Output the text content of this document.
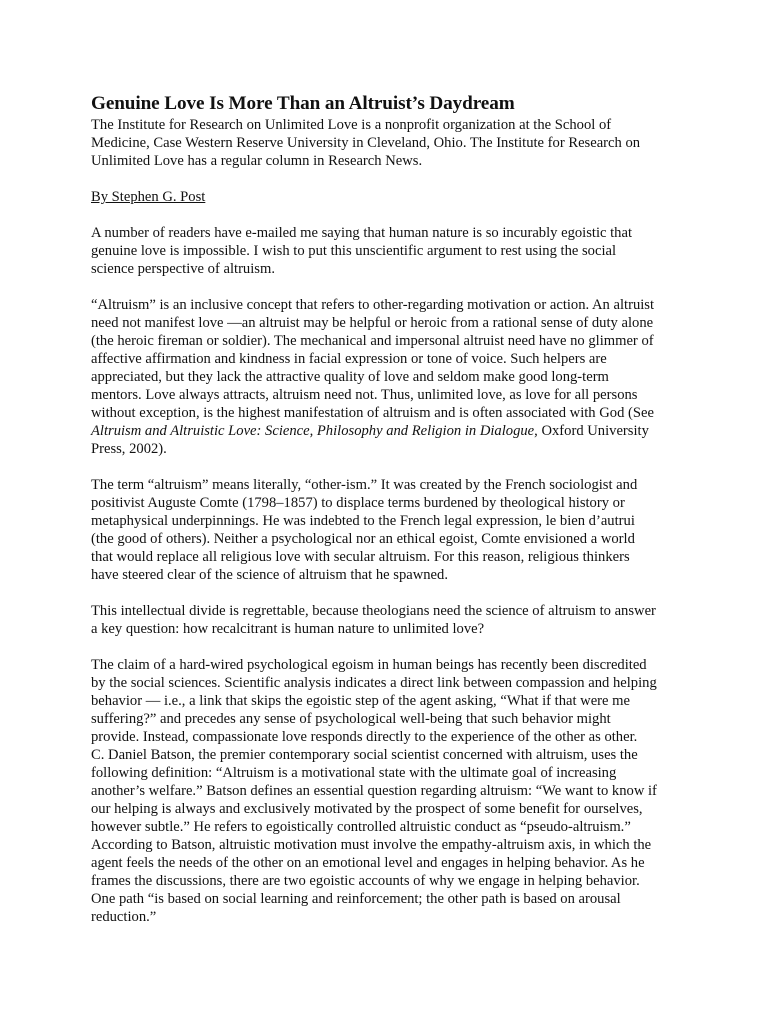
Genuine Love Is More Than an Altruist’s Daydream
The Institute for Research on Unlimited Love is a nonprofit organization at the School of
Medicine, Case Western Reserve University in Cleveland, Ohio. The Institute for Research on
Unlimited Love has a regular column in Research News.
By Stephen G. Post

A number of readers have e-mailed me saying that human nature is so incurably egoistic that
genuine love is impossible. I wish to put this unscientific argument to rest using the social
science perspective of altruism.

“Altruism” is an inclusive concept that refers to other-regarding motivation or action. An altruist
need not manifest love —an altruist may be helpful or heroic from a rational sense of duty alone
(the heroic fireman or soldier). The mechanical and impersonal altruist need have no glimmer of
affective affirmation and kindness in facial expression or tone of voice. Such helpers are
appreciated, but they lack the attractive quality of love and seldom make good long-term
mentors. Love always attracts, altruism need not. Thus, unlimited love, as love for all persons
without exception, is the highest manifestation of altruism and is often associated with God (See
Altruism and Altruistic Love: Science, Philosophy and Religion in Dialogue, Oxford University
Press, 2002).

The term “altruism” means literally, “other-ism.” It was created by the French sociologist and
positivist Auguste Comte (1798–1857) to displace terms burdened by theological history or
metaphysical underpinnings. He was indebted to the French legal expression, le bien d’autrui
(the good of others). Neither a psychological nor an ethical egoist, Comte envisioned a world
that would replace all religious love with secular altruism. For this reason, religious thinkers
have steered clear of the science of altruism that he spawned.

This intellectual divide is regrettable, because theologians need the science of altruism to answer
a key question: how recalcitrant is human nature to unlimited love?

The claim of a hard-wired psychological egoism in human beings has recently been discredited
by the social sciences. Scientific analysis indicates a direct link between compassion and helping
behavior — i.e., a link that skips the egoistic step of the agent asking, “What if that were me
suffering?” and precedes any sense of psychological well-being that such behavior might
provide. Instead, compassionate love responds directly to the experience of the other as other.
C. Daniel Batson, the premier contemporary social scientist concerned with altruism, uses the
following definition: “Altruism is a motivational state with the ultimate goal of increasing
another’s welfare.” Batson defines an essential question regarding altruism: “We want to know if
our helping is always and exclusively motivated by the prospect of some benefit for ourselves,
however subtle.” He refers to egoistically controlled altruistic conduct as “pseudo-altruism.”
According to Batson, altruistic motivation must involve the empathy-altruism axis, in which the
agent feels the needs of the other on an emotional level and engages in helping behavior. As he
frames the discussions, there are two egoistic accounts of why we engage in helping behavior.
One path “is based on social learning and reinforcement; the other path is based on arousal
reduction.”
